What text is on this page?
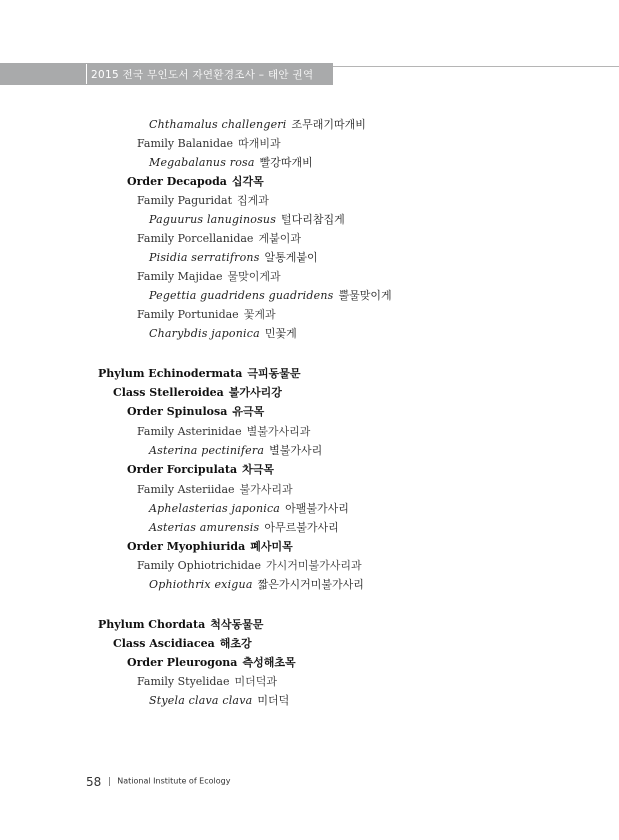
2015 전국 무인도서 자연환경조사 – 태안 권역
Chthamalus challengeri 조무래기따개비
Family Balanidae 따개비과
Megabalanus rosa 빨강따개비
Order Decapoda 십각목
Family Paguridat 집게과
Paguurus lanuginosus 털다리참집게
Family Porcellanidae 게붙이과
Pisidia serratifrons 알통게붙이
Family Majidae 물맞이게과
Pegettia guadridens guadridens 뿔물맞이게
Family Portunidae 꽃게과
Charybdis japonica 민꽃게
Phylum Echinodermata 극피동물문
Class Stelleroidea 불가사리강
Order Spinulosa 유극목
Family Asterinidae 별불가사리과
Asterina pectinifera 별불가사리
Order Forcipulata 차극목
Family Asteriidae 불가사리과
Aphelasterias japonica 아팰불가사리
Asterias amurensis 아무르불가사리
Order Myophiurida 폐사미목
Family Ophiotrichidae 가시거미불가사리과
Ophiothrix exigua 짧은가시거미불가사리
Phylum Chordata 척삭동물문
Class Ascidiacea 해초강
Order Pleurogona 측성해초목
Family Styelidae 미더덕과
Styela clava clava 미더덕
58 National Institute of Ecology
